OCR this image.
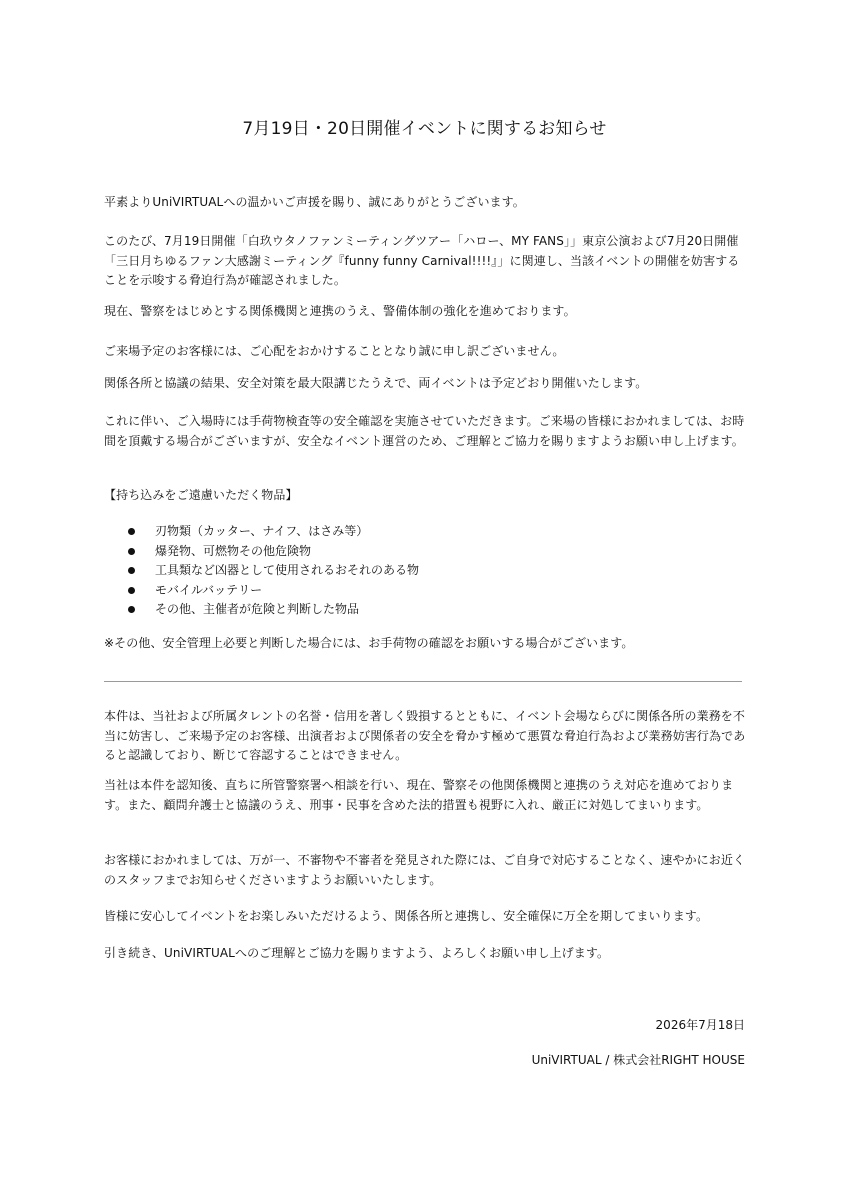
7月19日・20日開催イベントに関するお知らせ

平素よりUniVIRTUALへの温かいご声援を賜り、誠にありがとうございます。

このたび、7月19日開催「白玖ウタノファンミーティングツアー「ハロー、MY FANS」」東京公演および7月20日開催「三日月ちゆるファン大感謝ミーティング『funny funny Carnival!!!!』」に関連し、当該イベントの開催を妨害することを示唆する脅迫行為が確認されました。

現在、警察をはじめとする関係機関と連携のうえ、警備体制の強化を進めております。

ご来場予定のお客様には、ご心配をおかけすることとなり誠に申し訳ございません。

関係各所と協議の結果、安全対策を最大限講じたうえで、両イベントは予定どおり開催いたします。

これに伴い、ご入場時には手荷物検査等の安全確認を実施させていただきます。ご来場の皆様におかれましては、お時間を頂戴する場合がございますが、安全なイベント運営のため、ご理解とご協力を賜りますようお願い申し上げます。

【持ち込みをご遠慮いただく物品】

刃物類（カッター、ナイフ、はさみ等）
爆発物、可燃物その他危険物
工具類など凶器として使用されるおそれのある物
モバイルバッテリー
その他、主催者が危険と判断した物品

※その他、安全管理上必要と判断した場合には、お手荷物の確認をお願いする場合がございます。

本件は、当社および所属タレントの名誉・信用を著しく毀損するとともに、イベント会場ならびに関係各所の業務を不当に妨害し、ご来場予定のお客様、出演者および関係者の安全を脅かす極めて悪質な脅迫行為および業務妨害行為であると認識しており、断じて容認することはできません。

当社は本件を認知後、直ちに所管警察署へ相談を行い、現在、警察その他関係機関と連携のうえ対応を進めております。また、顧問弁護士と協議のうえ、刑事・民事を含めた法的措置も視野に入れ、厳正に対処してまいります。

お客様におかれましては、万が一、不審物や不審者を発見された際には、ご自身で対応することなく、速やかにお近くのスタッフまでお知らせくださいますようお願いいたします。

皆様に安心してイベントをお楽しみいただけるよう、関係各所と連携し、安全確保に万全を期してまいります。

引き続き、UniVIRTUALへのご理解とご協力を賜りますよう、よろしくお願い申し上げます。

2026年7月18日
UniVIRTUAL / 株式会社RIGHT HOUSE
